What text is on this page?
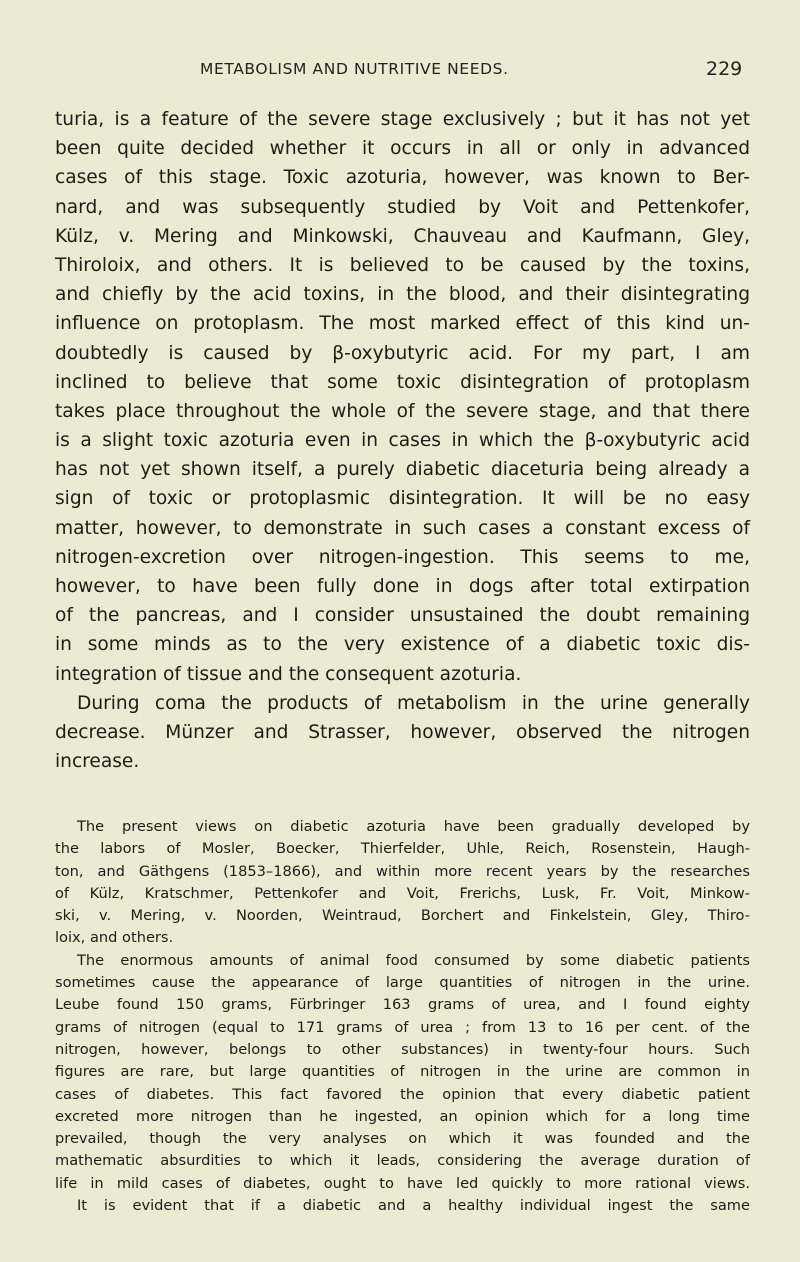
METABOLISM AND NUTRITIVE NEEDS.	229
turia, is a feature of the severe stage exclusively ; but it has not yet
been quite decided whether it occurs in all or only in advanced
cases of this stage. Toxic azoturia, however, was known to Ber-
nard, and was subsequently studied by Voit and Pettenkofer,
Külz, v. Mering and Minkowski, Chauveau and Kaufmann, Gley,
Thiroloix, and others. It is believed to be caused by the toxins,
and chiefly by the acid toxins, in the blood, and their disintegrating
influence on protoplasm. The most marked effect of this kind un-
doubtedly is caused by β-oxybutyric acid. For my part, I am
inclined to believe that some toxic disintegration of protoplasm
takes place throughout the whole of the severe stage, and that there
is a slight toxic azoturia even in cases in which the β-oxybutyric acid
has not yet shown itself, a purely diabetic diaceturia being already a
sign of toxic or protoplasmic disintegration. It will be no easy
matter, however, to demonstrate in such cases a constant excess of
nitrogen-excretion over nitrogen-ingestion. This seems to me,
however, to have been fully done in dogs after total extirpation
of the pancreas, and I consider unsustained the doubt remaining
in some minds as to the very existence of a diabetic toxic dis-
integration of tissue and the consequent azoturia.
During coma the products of metabolism in the urine generally
decrease. Münzer and Strasser, however, observed the nitrogen
increase.
The present views on diabetic azoturia have been gradually developed by
the labors of Mosler, Boecker, Thierfelder, Uhle, Reich, Rosenstein, Haugh-
ton, and Gäthgens (1853–1866), and within more recent years by the researches
of Külz, Kratschmer, Pettenkofer and Voit, Frerichs, Lusk, Fr. Voit, Minkow-
ski, v. Mering, v. Noorden, Weintraud, Borchert and Finkelstein, Gley, Thiro-
loix, and others.
The enormous amounts of animal food consumed by some diabetic patients
sometimes cause the appearance of large quantities of nitrogen in the urine.
Leube found 150 grams, Fürbringer 163 grams of urea, and I found eighty
grams of nitrogen (equal to 171 grams of urea ; from 13 to 16 per cent. of the
nitrogen, however, belongs to other substances) in twenty-four hours. Such
figures are rare, but large quantities of nitrogen in the urine are common in
cases of diabetes. This fact favored the opinion that every diabetic patient
excreted more nitrogen than he ingested, an opinion which for a long time
prevailed, though the very analyses on which it was founded and the
mathematic absurdities to which it leads, considering the average duration of
life in mild cases of diabetes, ought to have led quickly to more rational views.
It is evident that if a diabetic and a healthy individual ingest the same
